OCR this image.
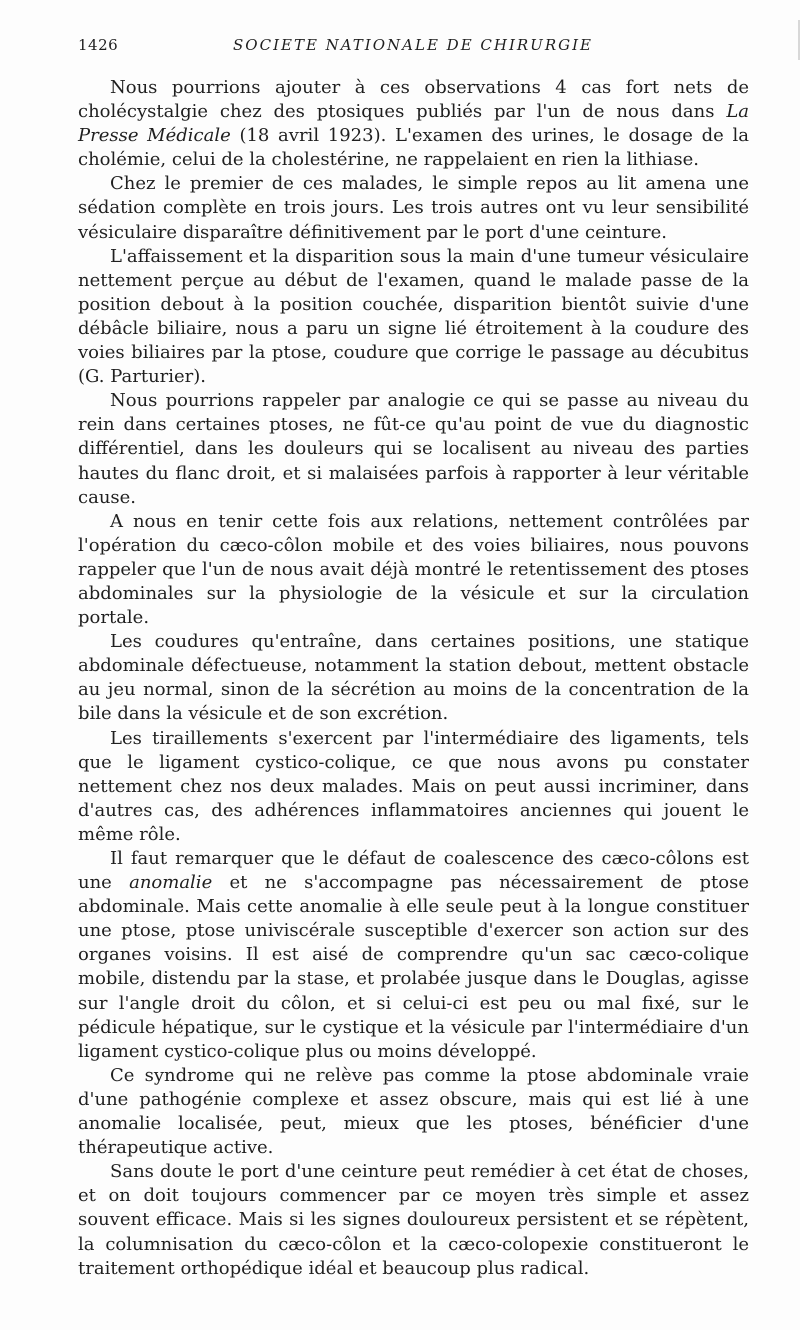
1426	SOCIETE NATIONALE DE CHIRURGIE

Nous pourrions ajouter à ces observations 4 cas fort nets de cholécystalgie chez des ptosiques publiés par l'un de nous dans La Presse Médicale (18 avril 1923). L'examen des urines, le dosage de la cholémie, celui de la cholestérine, ne rappelaient en rien la lithiase.

Chez le premier de ces malades, le simple repos au lit amena une sédation complète en trois jours. Les trois autres ont vu leur sensibilité vésiculaire disparaître définitivement par le port d'une ceinture.

L'affaissement et la disparition sous la main d'une tumeur vésiculaire nettement perçue au début de l'examen, quand le malade passe de la position debout à la position couchée, disparition bientôt suivie d'une débâcle biliaire, nous a paru un signe lié étroitement à la coudure des voies biliaires par la ptose, coudure que corrige le passage au décubitus (G. Parturier).

Nous pourrions rappeler par analogie ce qui se passe au niveau du rein dans certaines ptoses, ne fût-ce qu'au point de vue du diagnostic différentiel, dans les douleurs qui se localisent au niveau des parties hautes du flanc droit, et si malaisées parfois à rapporter à leur véritable cause.

A nous en tenir cette fois aux relations, nettement contrôlées par l'opération du cæco-côlon mobile et des voies biliaires, nous pouvons rappeler que l'un de nous avait déjà montré le retentissement des ptoses abdominales sur la physiologie de la vésicule et sur la circulation portale.

Les coudures qu'entraîne, dans certaines positions, une statique abdominale défectueuse, notamment la station debout, mettent obstacle au jeu normal, sinon de la sécrétion au moins de la concentration de la bile dans la vésicule et de son excrétion.

Les tiraillements s'exercent par l'intermédiaire des ligaments, tels que le ligament cystico-colique, ce que nous avons pu constater nettement chez nos deux malades. Mais on peut aussi incriminer, dans d'autres cas, des adhérences inflammatoires anciennes qui jouent le même rôle.

Il faut remarquer que le défaut de coalescence des cæco-côlons est une anomalie et ne s'accompagne pas nécessairement de ptose abdominale. Mais cette anomalie à elle seule peut à la longue constituer une ptose, ptose univiscérale susceptible d'exercer son action sur des organes voisins. Il est aisé de comprendre qu'un sac cæco-colique mobile, distendu par la stase, et prolabée jusque dans le Douglas, agisse sur l'angle droit du côlon, et si celui-ci est peu ou mal fixé, sur le pédicule hépatique, sur le cystique et la vésicule par l'intermédiaire d'un ligament cystico-colique plus ou moins développé.

Ce syndrome qui ne relève pas comme la ptose abdominale vraie d'une pathogénie complexe et assez obscure, mais qui est lié à une anomalie localisée, peut, mieux que les ptoses, bénéficier d'une thérapeutique active.

Sans doute le port d'une ceinture peut remédier à cet état de choses, et on doit toujours commencer par ce moyen très simple et assez souvent efficace. Mais si les signes douloureux persistent et se répètent, la columnisation du cæco-côlon et la cæco-colopexie constitueront le traitement orthopédique idéal et beaucoup plus radical.
